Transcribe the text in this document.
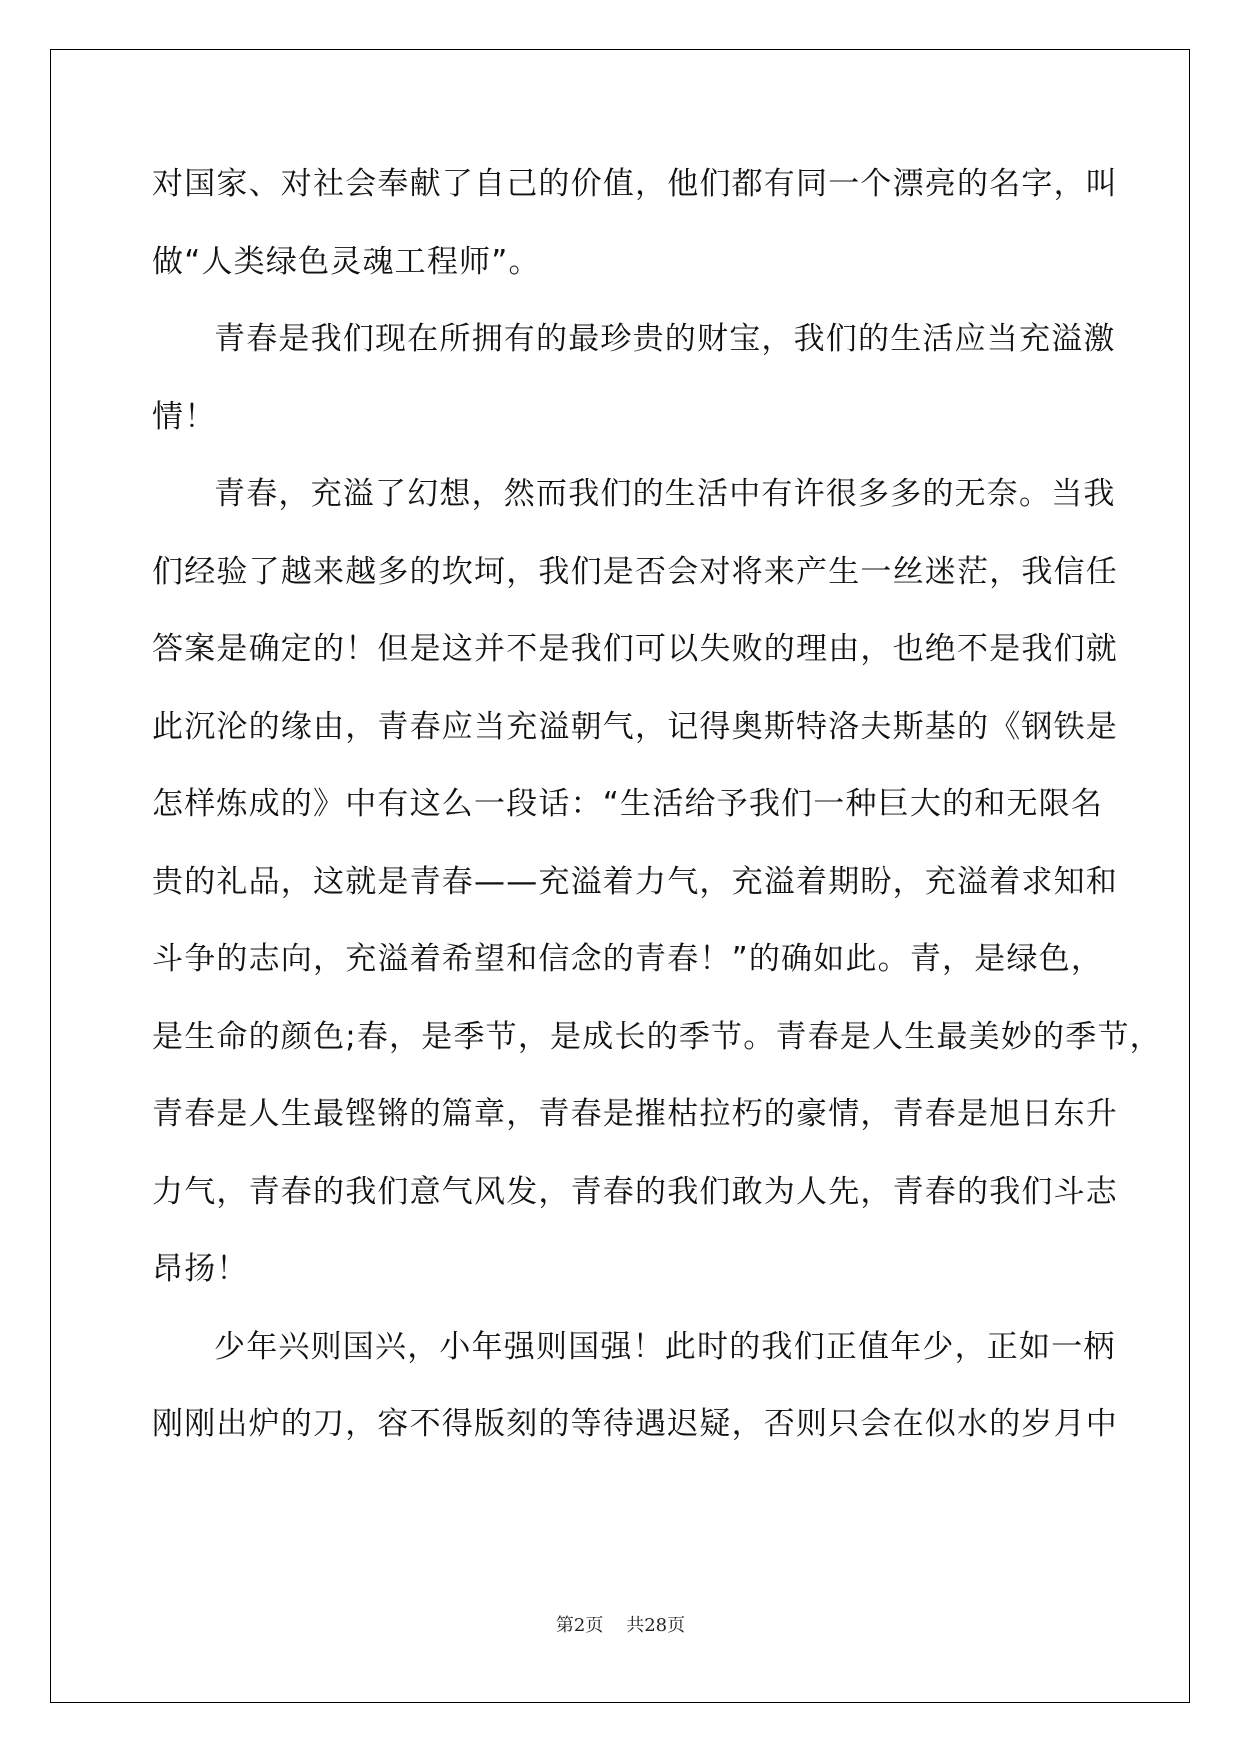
对国家、对社会奉献了自己的价值，他们都有同一个漂亮的名字，叫
做“人类绿色灵魂工程师”。
青春是我们现在所拥有的最珍贵的财宝，我们的生活应当充溢激
情！
青春，充溢了幻想，然而我们的生活中有许很多多的无奈。当我
们经验了越来越多的坎坷，我们是否会对将来产生一丝迷茫，我信任
答案是确定的！但是这并不是我们可以失败的理由，也绝不是我们就
此沉沦的缘由，青春应当充溢朝气，记得奥斯特洛夫斯基的《钢铁是
怎样炼成的》中有这么一段话：“生活给予我们一种巨大的和无限名
贵的礼品，这就是青春——充溢着力气，充溢着期盼，充溢着求知和
斗争的志向，充溢着希望和信念的青春！”的确如此。青，是绿色，
是生命的颜色;春，是季节，是成长的季节。青春是人生最美妙的季节，
青春是人生最铿锵的篇章，青春是摧枯拉朽的豪情，青春是旭日东升
力气，青春的我们意气风发，青春的我们敢为人先，青春的我们斗志
昂扬！
少年兴则国兴，小年强则国强！此时的我们正值年少，正如一柄
刚刚出炉的刀，容不得版刻的等待遇迟疑，否则只会在似水的岁月中
第2页    共28页
